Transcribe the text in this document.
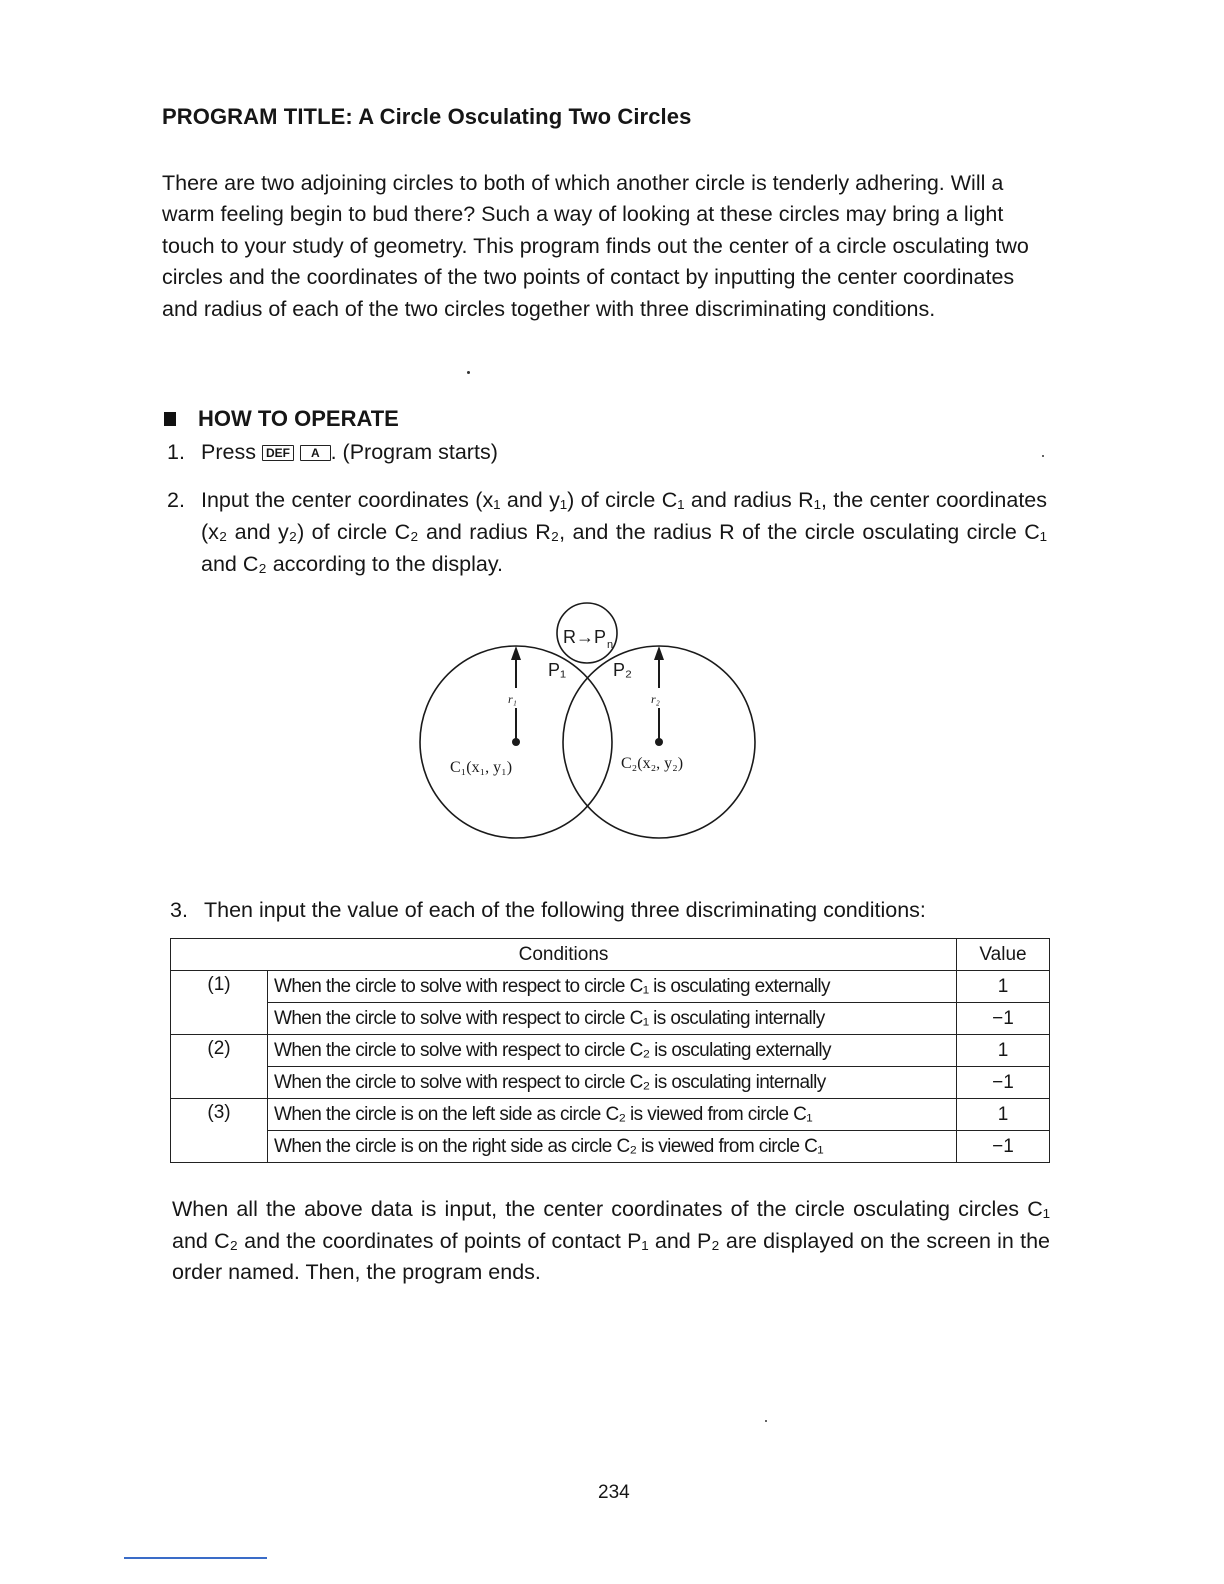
PROGRAM TITLE: A Circle Osculating Two Circles

There are two adjoining circles to both of which another circle is tenderly adhering. Will a warm feeling begin to bud there? Such a way of looking at these circles may bring a light touch to your study of geometry. This program finds out the center of a circle osculating two circles and the coordinates of the two points of contact by inputting the center coordinates and radius of each of the two circles together with three discriminating conditions.

HOW TO OPERATE
1. Press DEF A . (Program starts)
2. Input the center coordinates (x₁ and y₁) of circle C₁ and radius R₁, the center coordinates (x₂ and y₂) of circle C₂ and radius R₂, and the radius R of the circle osculating circle C₁ and C₂ according to the display.
R→P n
P₁	P₂
r₁	r₂
C₁(x₁, y₁)	C₂(x₂, y₂)
3. Then input the value of each of the following three discriminating conditions:
Conditions		Value
(1)	When the circle to solve with respect to circle C₁ is osculating externally	1
	When the circle to solve with respect to circle C₁ is osculating internally	−1
(2)	When the circle to solve with respect to circle C₂ is osculating externally	1
	When the circle to solve with respect to circle C₂ is osculating internally	−1
(3)	When the circle is on the left side as circle C₂ is viewed from circle C₁	1
	When the circle is on the right side as circle C₂ is viewed from circle C₁	−1

When all the above data is input, the center coordinates of the circle osculating circles C₁ and C₂ and the coordinates of points of contact P₁ and P₂ are displayed on the screen in the order named. Then, the program ends.

234
